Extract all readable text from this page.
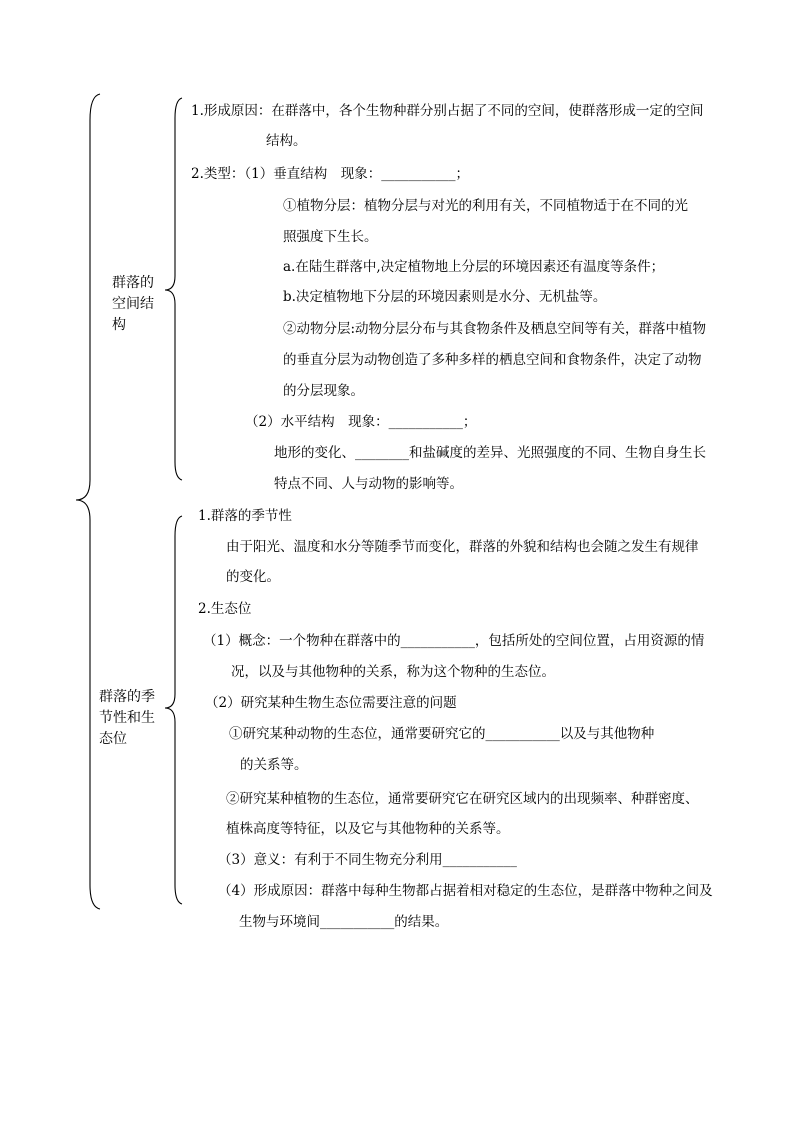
群落的
空间结
构
群落的季
节性和生
态位
1.形成原因：在群落中，各个生物种群分别占据了不同的空间，使群落形成一定的空间
结构。
2.类型：（1）垂直结构　现象：___________；
①植物分层：植物分层与对光的利用有关，不同植物适于在不同的光
照强度下生长。
a.在陆生群落中,决定植物地上分层的环境因素还有温度等条件；
b.决定植物地下分层的环境因素则是水分、无机盐等。
②动物分层:动物分层分布与其食物条件及栖息空间等有关，群落中植物
的垂直分层为动物创造了多种多样的栖息空间和食物条件，决定了动物
的分层现象。
（2）水平结构　现象：___________；
地形的变化、________和盐碱度的差异、光照强度的不同、生物自身生长
特点不同、人与动物的影响等。
1.群落的季节性
由于阳光、温度和水分等随季节而变化，群落的外貌和结构也会随之发生有规律
的变化。
2.生态位
（1）概念：一个物种在群落中的___________，包括所处的空间位置，占用资源的情
况，以及与其他物种的关系，称为这个物种的生态位。
（2）研究某种生物生态位需要注意的问题
①研究某种动物的生态位，通常要研究它的___________以及与其他物种
的关系等。
②研究某种植物的生态位，通常要研究它在研究区域内的出现频率、种群密度、
植株高度等特征，以及它与其他物种的关系等。
（3）意义：有利于不同生物充分利用___________
（4）形成原因：群落中每种生物都占据着相对稳定的生态位，是群落中物种之间及
生物与环境间___________的结果。
